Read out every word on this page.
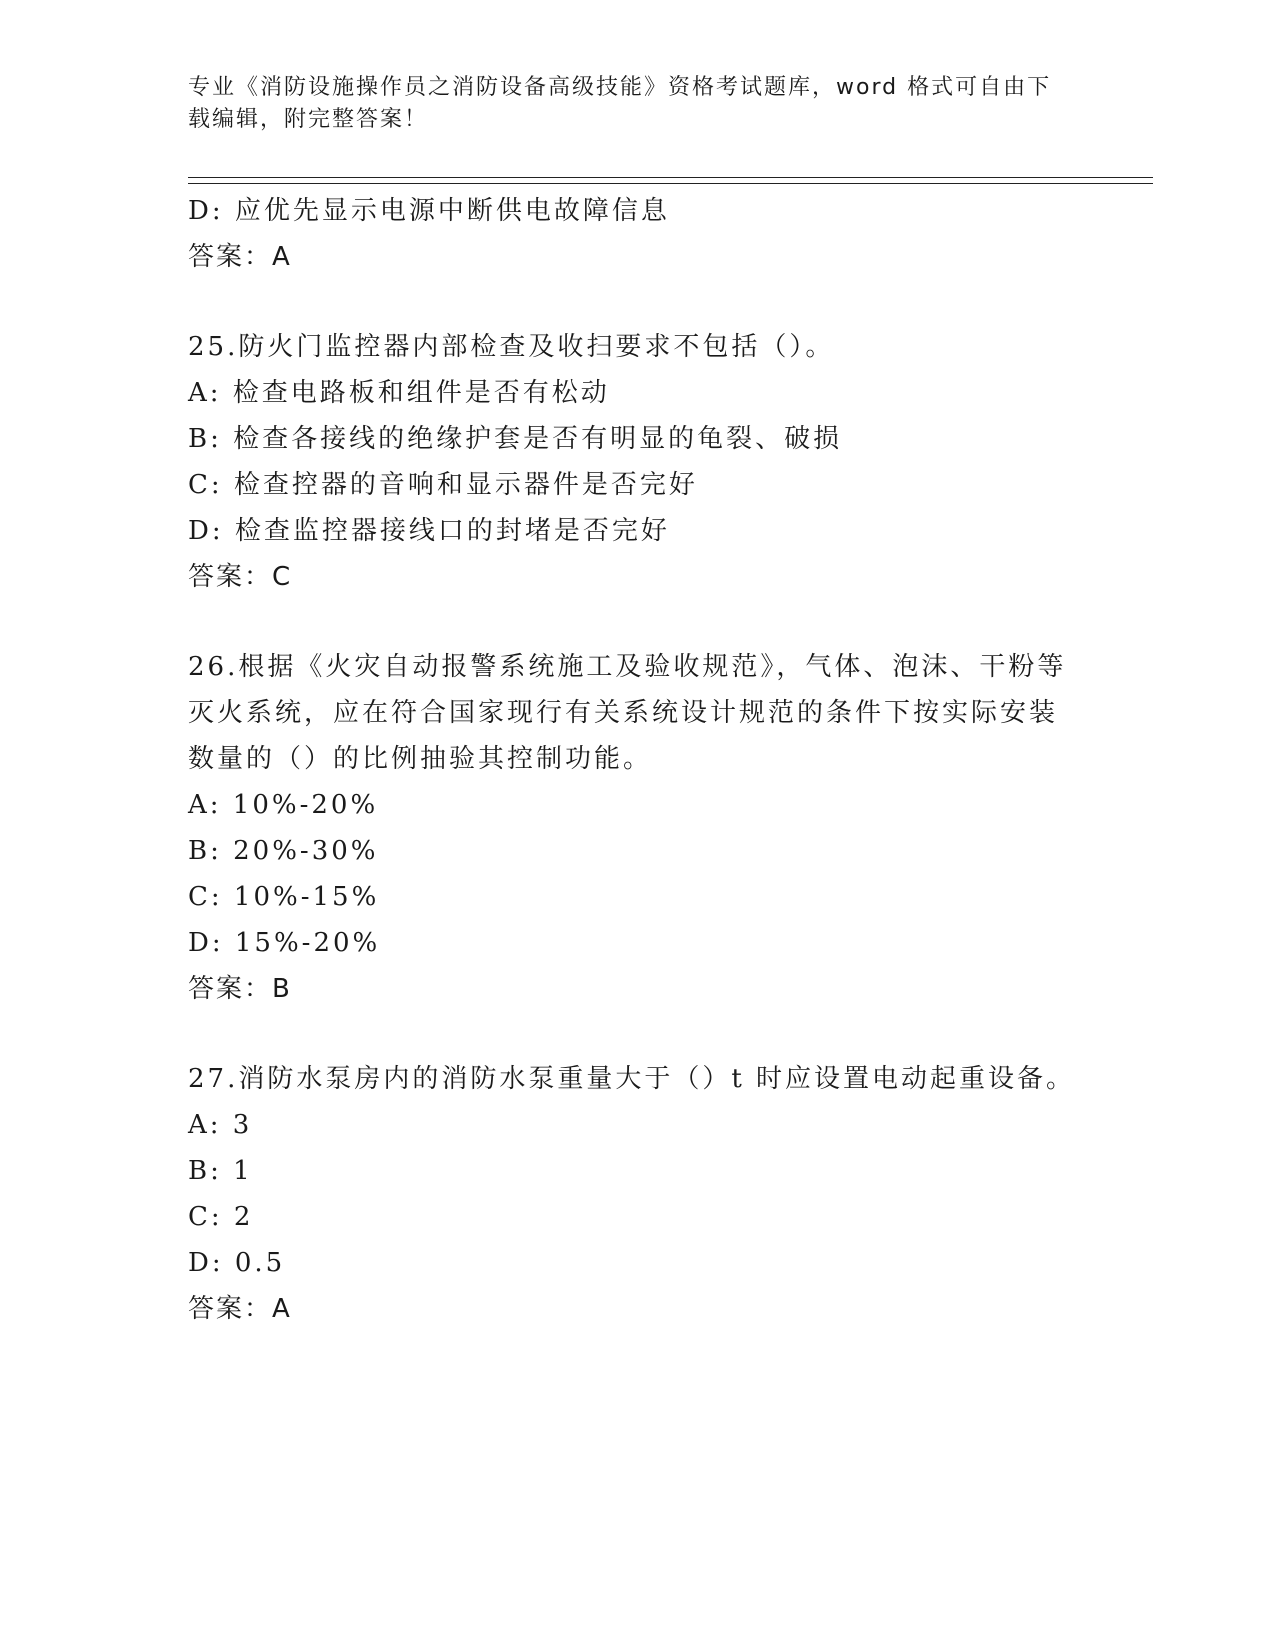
专业《消防设施操作员之消防设备高级技能》资格考试题库，word 格式可自由下
载编辑，附完整答案！
D: 应优先显示电源中断供电故障信息
答案：A
25.防火门监控器内部检查及收扫要求不包括（）。
A: 检查电路板和组件是否有松动
B: 检查各接线的绝缘护套是否有明显的龟裂、破损
C: 检查控器的音响和显示器件是否完好
D: 检查监控器接线口的封堵是否完好
答案：C
26.根据《火灾自动报警系统施工及验收规范》，气体、泡沫、干粉等
灭火系统，应在符合国家现行有关系统设计规范的条件下按实际安装
数量的（）的比例抽验其控制功能。
A: 10%-20%
B: 20%-30%
C: 10%-15%
D: 15%-20%
答案：B
27.消防水泵房内的消防水泵重量大于（）t 时应设置电动起重设备。
A: 3
B: 1
C: 2
D: 0.5
答案：A
